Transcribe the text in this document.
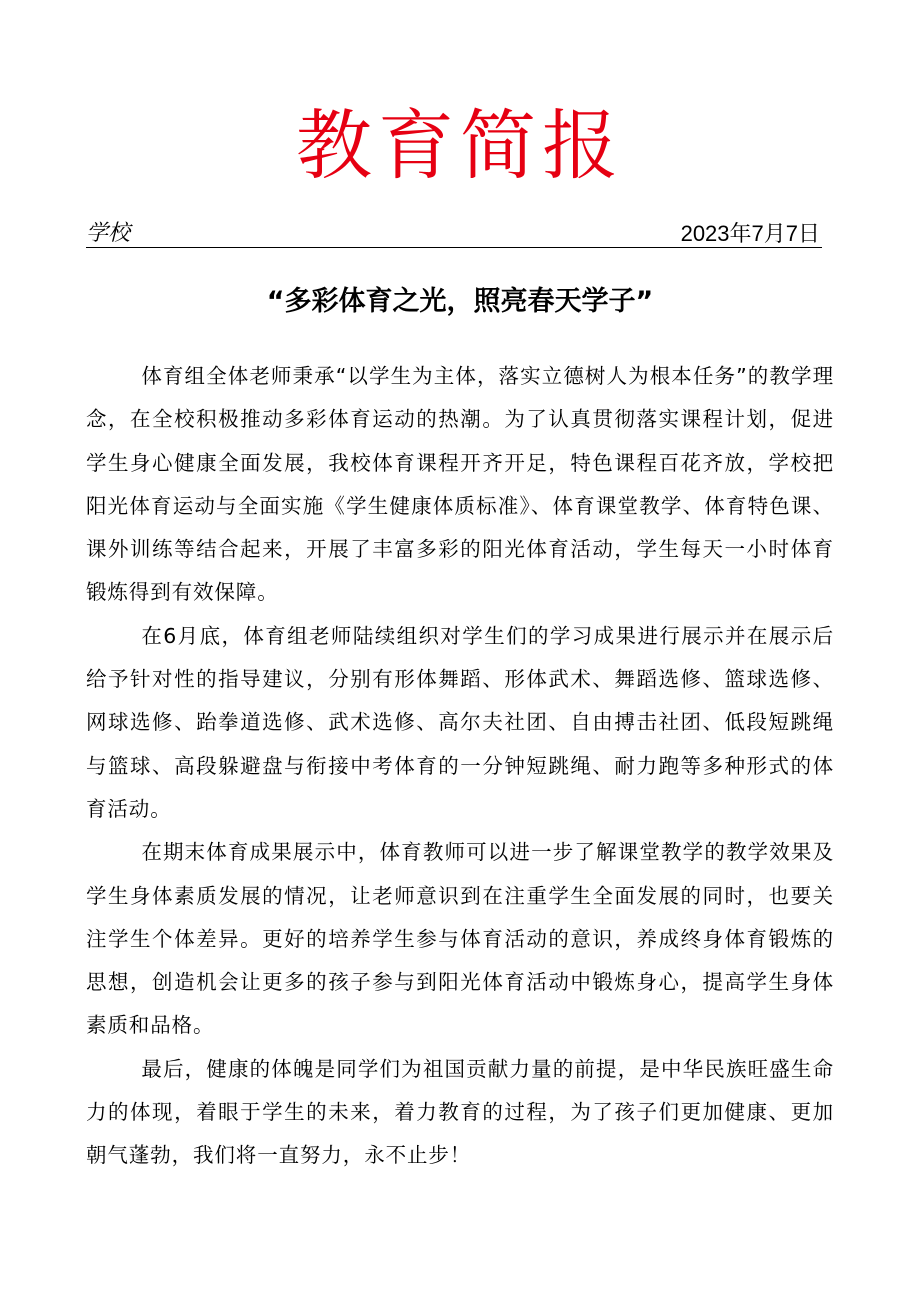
教育简报
学校	2023年7月7日
“多彩体育之光，照亮春天学子”

体育组全体老师秉承“以学生为主体，落实立德树人为根本任务”的教学理念，在全校积极推动多彩体育运动的热潮。为了认真贯彻落实课程计划，促进学生身心健康全面发展，我校体育课程开齐开足，特色课程百花齐放，学校把阳光体育运动与全面实施《学生健康体质标准》、体育课堂教学、体育特色课、课外训练等结合起来，开展了丰富多彩的阳光体育活动，学生每天一小时体育锻炼得到有效保障。

在6月底，体育组老师陆续组织对学生们的学习成果进行展示并在展示后给予针对性的指导建议，分别有形体舞蹈、形体武术、舞蹈选修、篮球选修、网球选修、跆拳道选修、武术选修、高尔夫社团、自由搏击社团、低段短跳绳与篮球、高段躲避盘与衔接中考体育的一分钟短跳绳、耐力跑等多种形式的体育活动。

在期末体育成果展示中，体育教师可以进一步了解课堂教学的教学效果及学生身体素质发展的情况，让老师意识到在注重学生全面发展的同时，也要关注学生个体差异。更好的培养学生参与体育活动的意识，养成终身体育锻炼的思想，创造机会让更多的孩子参与到阳光体育活动中锻炼身心，提高学生身体素质和品格。

最后，健康的体魄是同学们为祖国贡献力量的前提，是中华民族旺盛生命力的体现，着眼于学生的未来，着力教育的过程，为了孩子们更加健康、更加朝气蓬勃，我们将一直努力，永不止步！
